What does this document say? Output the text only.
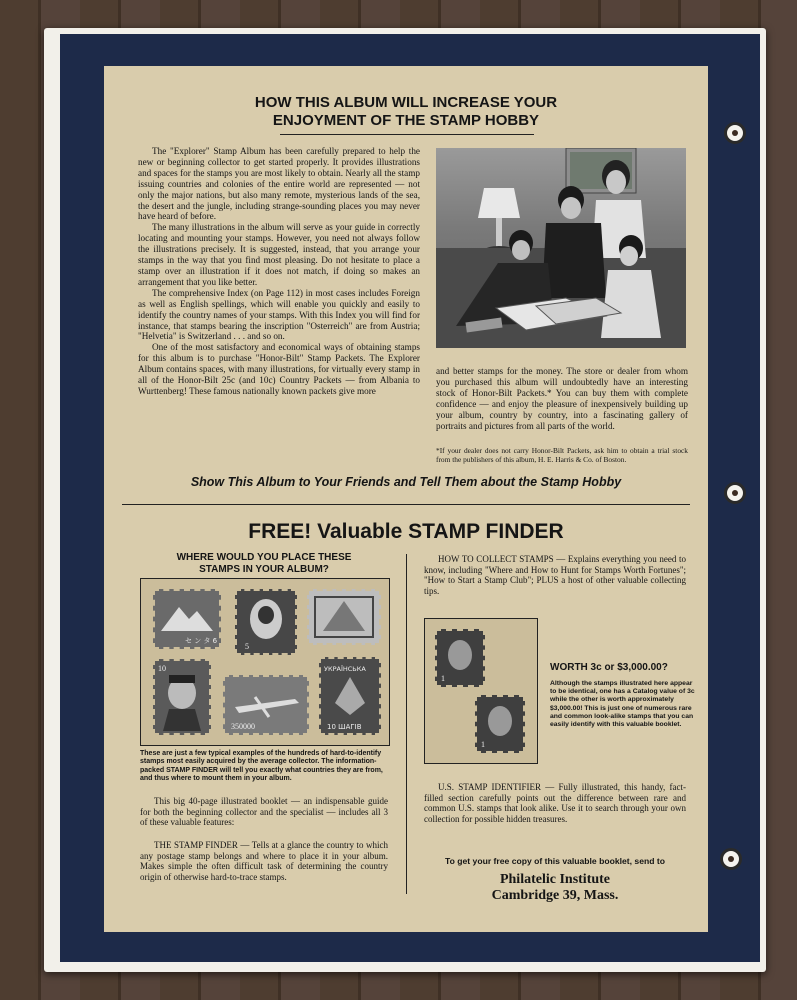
HOW THIS ALBUM WILL INCREASE YOUR
ENJOYMENT OF THE STAMP HOBBY

The "Explorer" Stamp Album has been carefully prepared to help the new or beginning collector to get started properly. It provides illustrations and spaces for the stamps you are most likely to obtain. Nearly all the stamp issuing countries and colonies of the entire world are represented — not only the major nations, but also many remote, mysterious lands of the sea, the desert and the jungle, including strange-sounding places you may never have heard of before.

The many illustrations in the album will serve as your guide in correctly locating and mounting your stamps. However, you need not always follow the illustrations precisely. It is suggested, instead, that you arrange your stamps in the way that you find most pleasing. Do not hesitate to place a stamp over an illustration if it does not match, if doing so makes an arrangement that you like better.

The comprehensive Index (on Page 112) in most cases includes Foreign as well as English spellings, which will enable you quickly and easily to identify the country names of your stamps. With this Index you will find for instance, that stamps bearing the inscription "Osterreich" are from Austria; "Helvetia" is Switzerland . . . and so on.

One of the most satisfactory and economical ways of obtaining stamps for this album is to purchase "Honor-Bilt" Stamp Packets. The Explorer Album contains spaces, with many illustrations, for virtually every stamp in all of the Honor-Bilt 25c (and 10c) Country Packets — from Albania to Wurttenberg! These famous nationally known packets give more

and better stamps for the money. The store or dealer from whom you purchased this album will undoubtedly have an interesting stock of Honor-Bilt Packets.* You can buy them with complete confidence — and enjoy the pleasure of inexpensively building up your album, country by country, into a fascinating gallery of portraits and pictures from all parts of the world.

*If your dealer does not carry Honor-Bilt Packets, ask him to obtain a trial stock from the publishers of this album, H. E. Harris & Co. of Boston.

Show This Album to Your Friends and Tell Them about the Stamp Hobby
FREE! Valuable STAMP FINDER
WHERE WOULD YOU PLACE THESE
STAMPS IN YOUR ALBUM?
セ ン タ 6
5
10
350000
УКРАЇНСЬКА
10 ШАГІВ

These are just a few typical examples of the hundreds of hard-to-identify stamps most easily acquired by the average collector. The information-packed STAMP FINDER will tell you exactly what countries they are from, and thus where to mount them in your album.

This big 40-page illustrated booklet — an indispensable guide for both the beginning collector and the specialist — includes all 3 of these valuable features:

THE STAMP FINDER — Tells at a glance the country to which any postage stamp belongs and where to place it in your album. Makes simple the often difficult task of determining the country origin of otherwise hard-to-trace stamps.

HOW TO COLLECT STAMPS — Explains everything you need to know, including "Where and How to Hunt for Stamps Worth Fortunes"; "How to Start a Stamp Club"; PLUS a host of other valuable collecting tips.

1
1
WORTH 3c or $3,000.00?

Although the stamps illustrated here appear to be identical, one has a Catalog value of 3c while the other is worth approximately $3,000.00! This is just one of numerous rare and common look-alike stamps that you can easily identify with this valuable booklet.

U.S. STAMP IDENTIFIER — Fully illustrated, this handy, fact-filled section carefully points out the difference between rare and common U.S. stamps that look alike. Use it to search through your own collection for possible hidden treasures.

To get your free copy of this valuable booklet, send to
Philatelic Institute
Cambridge 39, Mass.
